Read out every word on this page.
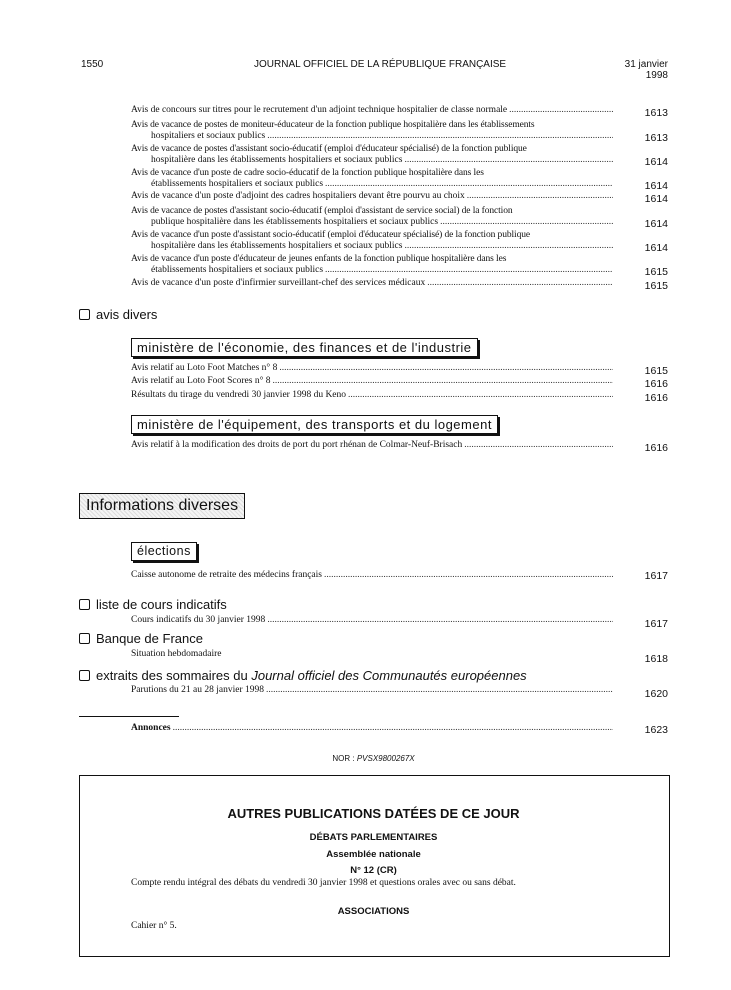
1550	JOURNAL OFFICIEL DE LA RÉPUBLIQUE FRANÇAISE	31 janvier 1998
Avis de concours sur titres pour le recrutement d'un adjoint technique hospitalier de classe normale .....	1613
Avis de vacance de postes de moniteur-éducateur de la fonction publique hospitalière dans les établissements
hospitaliers et sociaux publics .....	1613
Avis de vacance de postes d'assistant socio-éducatif (emploi d'éducateur spécialisé) de la fonction publique
hospitalière dans les établissements hospitaliers et sociaux publics .....	1614
Avis de vacance d'un poste de cadre socio-éducatif de la fonction publique hospitalière dans les
établissements hospitaliers et sociaux publics .....	1614
Avis de vacance d'un poste d'adjoint des cadres hospitaliers devant être pourvu au choix .....	1614
Avis de vacance de postes d'assistant socio-éducatif (emploi d'assistant de service social) de la fonction
publique hospitalière dans les établissements hospitaliers et sociaux publics .....	1614
Avis de vacance d'un poste d'assistant socio-éducatif (emploi d'éducateur spécialisé) de la fonction publique
hospitalière dans les établissements hospitaliers et sociaux publics .....	1614
Avis de vacance d'un poste d'éducateur de jeunes enfants de la fonction publique hospitalière dans les
établissements hospitaliers et sociaux publics .....	1615
Avis de vacance d'un poste d'infirmier surveillant-chef des services médicaux .....	1615
avis divers
ministère de l'économie, des finances et de l'industrie
Avis relatif au Loto Foot Matches n° 8 .....	1615
Avis relatif au Loto Foot Scores n° 8 .....	1616
Résultats du tirage du vendredi 30 janvier 1998 du Keno .....	1616
ministère de l'équipement, des transports et du logement
Avis relatif à la modification des droits de port du port rhénan de Colmar-Neuf-Brisach .....	1616
Informations diverses
élections
Caisse autonome de retraite des médecins français .....	1617
liste de cours indicatifs
Cours indicatifs du 30 janvier 1998 .....	1617
Banque de France
Situation hebdomadaire	1618
extraits des sommaires du Journal officiel des Communautés européennes
Parutions du 21 au 28 janvier 1998 .....	1620
Annonces .....	1623
NOR : PVSX9800267X
AUTRES PUBLICATIONS DATÉES DE CE JOUR
DÉBATS PARLEMENTAIRES
Assemblée nationale
N° 12 (CR)
Compte rendu intégral des débats du vendredi 30 janvier 1998 et questions orales avec ou sans débat.
ASSOCIATIONS
Cahier n° 5.
